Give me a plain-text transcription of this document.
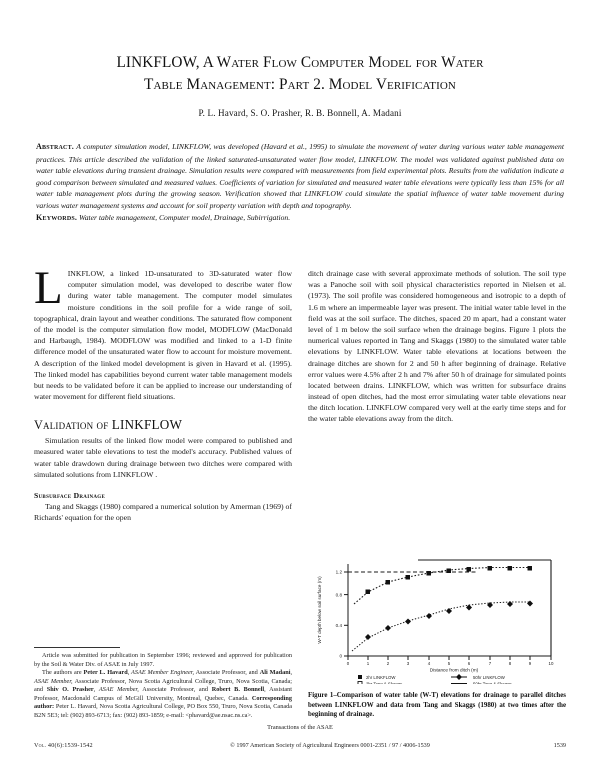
LINKFLOW, A Water Flow Computer Model for Water
Table Management: Part 2. Model Verification
P. L. Havard, S. O. Prasher, R. B. Bonnell, A. Madani

Abstract. A computer simulation model, LINKFLOW, was developed (Havard et al., 1995) to simulate the movement of water during various water table management practices. This article described the validation of the linked saturated-unsaturated water flow model, LINKFLOW. The model was validated against published data on water table elevations during transient drainage. Simulation results were compared with measurements from field experimental plots. Results from the validation indicate a good comparison between simulated and measured values. Coefficients of variation for simulated and measured water table elevations were typically less than 15% for all water table management plots during the growing season. Verification showed that LINKFLOW could simulate the spatial influence of water table movement during various water management systems and account for soil property variation with depth and topography.

Keywords. Water table management, Computer model, Drainage, Subirrigation.

LINKFLOW, a linked 1D-unsaturated to 3D-saturated water flow computer simulation model, was developed to describe water flow during water table management. The computer model simulates moisture conditions in the soil profile for a wide range of soil, topographical, drain layout and weather conditions. The saturated flow component of the model is the computer simulation flow model, MODFLOW (MacDonald and Harbaugh, 1984). MODFLOW was modified and linked to a 1-D finite difference model of the unsaturated water flow to account for moisture movement. A description of the linked model development is given in Havard et al. (1995). The linked model has capabilities beyond current water table management models but needs to be validated before it can be applied to increase our understanding of water movement for different field situations.

Validation of LINKFLOW

Simulation results of the linked flow model were compared to published and measured water table elevations to test the model's accuracy. Published values of water table drawdown during drainage between two ditches were compared with simulated solutions from LINKFLOW .

Subsurface Drainage

Tang and Skaggs (1980) compared a numerical solution by Amerman (1969) of Richards' equation for the open

Article was submitted for publication in September 1996; reviewed and approved for publication by the Soil & Water Div. of ASAE in July 1997.
The authors are Peter L. Havard, ASAE Member Engineer, Associate Professor, and Ali Madani, ASAE Member, Associate Professor, Nova Scotia Agricultural College, Truro, Nova Scotia, Canada; and Shiv O. Prasher, ASAE Member, Associate Professor, and Robert B. Bonnell, Assistant Professor, Macdonald Campus of McGill University, Montreal, Quebec, Canada. Corresponding author: Peter L. Havard, Nova Scotia Agricultural College, PO Box 550, Truro, Nova Scotia, Canada B2N 5E3; tel: (902) 893-6713; fax: (902) 893-1859; e-mail: <phavard@ae.nsac.ns.ca>.

ditch drainage case with several approximate methods of solution. The soil type was a Panoche soil with soil physical characteristics reported in Nielsen et al. (1973). The soil profile was considered homogeneous and isotropic to a depth of 1.6 m where an impermeable layer was present. The initial water table level in the field was at the soil surface. The ditches, spaced 20 m apart, had a constant water level of 1 m below the soil surface when the drainage begins. Figure 1 plots the numerical values reported in Tang and Skaggs (1980) to the simulated water table elevations by LINKFLOW. Water table elevations at locations between the drainage ditches are shown for 2 and 50 h after beginning of drainage. Relative error values were 4.5% after 2 h and 7% after 50 h of drainage for simulated points located between drains. LINKFLOW, which was written for subsurface drains instead of open ditches, had the most error simulating water table elevations near the ditch location. LINKFLOW compared very well at the early time steps and for the water table elevations away from the ditch.

0
0.4
0.8
1.2
0	1	2	3	4	5	6	7	8	9	10
Distance from ditch (m)
W-T depth below soil surface (m)
2hr LINKFLOW	50hr LINKFLOW
2hr Tang & Skaggs	50hr Tang & Skaggs
Figure 1–Comparison of water table (W-T) elevations for drainage to parallel ditches between LINKFLOW and data from Tang and Skaggs (1980) at two times after the beginning of drainage.
Transactions of the ASAE
Vol. 40(6):1539-1542	© 1997 American Society of Agricultural Engineers 0001-2351 / 97 / 4006-1539	1539
